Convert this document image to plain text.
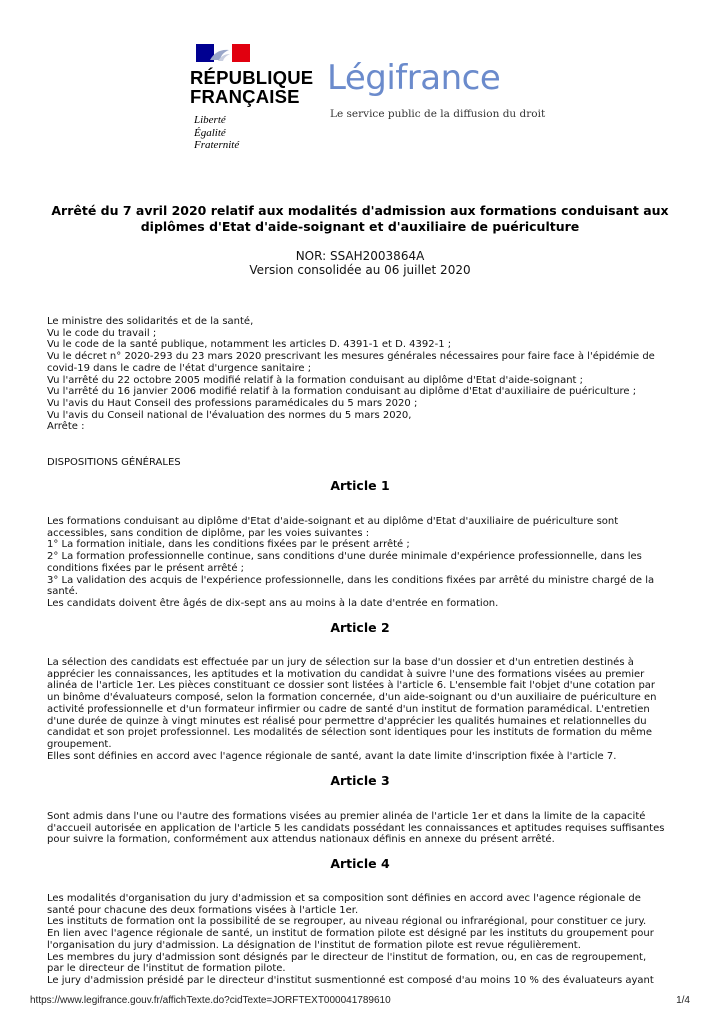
RÉPUBLIQUE
FRANÇAISE
Liberté
Égalité
Fraternité
Légifrance
Le service public de la diffusion du droit
Arrêté du 7 avril 2020 relatif aux modalités d'admission aux formations conduisant aux diplômes d'Etat d'aide-soignant et d'auxiliaire de puériculture
NOR: SSAH2003864A
Version consolidée au 06 juillet 2020
Le ministre des solidarités et de la santé,
Vu le code du travail ;
Vu le code de la santé publique, notamment les articles D. 4391-1 et D. 4392-1 ;
Vu le décret n° 2020-293 du 23 mars 2020 prescrivant les mesures générales nécessaires pour faire face à l'épidémie de
covid-19 dans le cadre de l'état d'urgence sanitaire ;
Vu l'arrêté du 22 octobre 2005 modifié relatif à la formation conduisant au diplôme d'Etat d'aide-soignant ;
Vu l'arrêté du 16 janvier 2006 modifié relatif à la formation conduisant au diplôme d'Etat d'auxiliaire de puériculture ;
Vu l'avis du Haut Conseil des professions paramédicales du 5 mars 2020 ;
Vu l'avis du Conseil national de l'évaluation des normes du 5 mars 2020,
Arrête :
DISPOSITIONS GÉNÉRALES
Article 1
Les formations conduisant au diplôme d'Etat d'aide-soignant et au diplôme d'Etat d'auxiliaire de puériculture sont
accessibles, sans condition de diplôme, par les voies suivantes :
1° La formation initiale, dans les conditions fixées par le présent arrêté ;
2° La formation professionnelle continue, sans conditions d'une durée minimale d'expérience professionnelle, dans les
conditions fixées par le présent arrêté ;
3° La validation des acquis de l'expérience professionnelle, dans les conditions fixées par arrêté du ministre chargé de la
santé.
Les candidats doivent être âgés de dix-sept ans au moins à la date d'entrée en formation.
Article 2
La sélection des candidats est effectuée par un jury de sélection sur la base d'un dossier et d'un entretien destinés à
apprécier les connaissances, les aptitudes et la motivation du candidat à suivre l'une des formations visées au premier
alinéa de l'article 1er. Les pièces constituant ce dossier sont listées à l'article 6. L'ensemble fait l'objet d'une cotation par
un binôme d'évaluateurs composé, selon la formation concernée, d'un aide-soignant ou d'un auxiliaire de puériculture en
activité professionnelle et d'un formateur infirmier ou cadre de santé d'un institut de formation paramédical. L'entretien
d'une durée de quinze à vingt minutes est réalisé pour permettre d'apprécier les qualités humaines et relationnelles du
candidat et son projet professionnel. Les modalités de sélection sont identiques pour les instituts de formation du même
groupement.
Elles sont définies en accord avec l'agence régionale de santé, avant la date limite d'inscription fixée à l'article 7.
Article 3
Sont admis dans l'une ou l'autre des formations visées au premier alinéa de l'article 1er et dans la limite de la capacité
d'accueil autorisée en application de l'article 5 les candidats possédant les connaissances et aptitudes requises suffisantes
pour suivre la formation, conformément aux attendus nationaux définis en annexe du présent arrêté.
Article 4
Les modalités d'organisation du jury d'admission et sa composition sont définies en accord avec l'agence régionale de
santé pour chacune des deux formations visées à l'article 1er.
Les instituts de formation ont la possibilité de se regrouper, au niveau régional ou infrarégional, pour constituer ce jury.
En lien avec l'agence régionale de santé, un institut de formation pilote est désigné par les instituts du groupement pour
l'organisation du jury d'admission. La désignation de l'institut de formation pilote est revue régulièrement.
Les membres du jury d'admission sont désignés par le directeur de l'institut de formation, ou, en cas de regroupement,
par le directeur de l'institut de formation pilote.
Le jury d'admission présidé par le directeur d'institut susmentionné est composé d'au moins 10 % des évaluateurs ayant
https://www.legifrance.gouv.fr/affichTexte.do?cidTexte=JORFTEXT000041789610	1/4
